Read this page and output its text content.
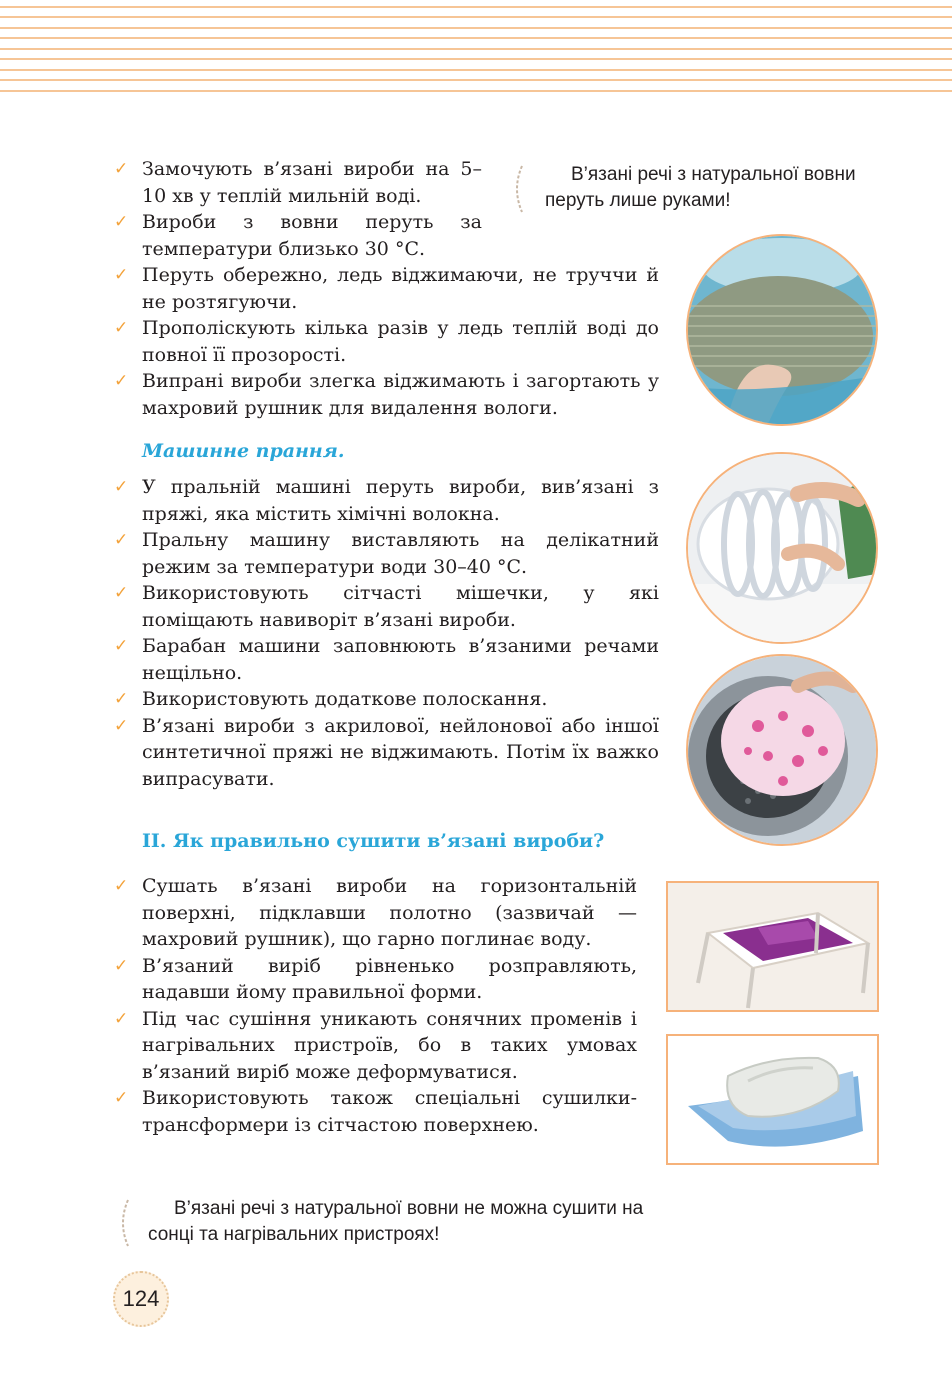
✓ Замочують в’язані вироби на 5–10 хв у теплій мильній воді.
✓ Вироби з вовни перуть за температури близько 30 °С.
✓ Перуть обережно, ледь віджимаючи, не труччи й не розтягуючи.
✓ Прополіскують кілька разів у ледь теплій воді до повної її прозорості.
✓ Випрані вироби злегка віджимають і загортають у махровий рушник для видалення вологи.
В’язані речі з натуральної вовни перуть лише руками!
Машинне прання.
✓ У пральній машині перуть вироби, вив’язані з пряжі, яка містить хімічні волокна.
✓ Пральну машину виставляють на делікатний режим за температури води 30–40 °С.
✓ Використовують сітчасті мішечки, у які поміщають навиворіт в’язані вироби.
✓ Барабан машини заповнюють в’язаними речами нещільно.
✓ Використовують додаткове полоскання.
✓ В’язані вироби з акрилової, нейлонової або іншої синтетичної пряжі не віджимають. Потім їх важко випрасувати.
ІІ. Як правильно сушити в’язані вироби?
✓ Сушать в’язані вироби на горизонтальній поверхні, підклавши полотно (зазвичай — махровий рушник), що гарно поглинає воду.
✓ В’язаний виріб рівненько розправляють, надавши йому правильної форми.
✓ Під час сушіння уникають сонячних променів і нагрівальних пристроїв, бо в таких умовах в’язаний виріб може деформуватися.
✓ Використовують також спеціальні сушилки-трансформери із сітчастою поверхнею.
В’язані речі з натуральної вовни не можна сушити на сонці та нагрівальних пристроях!
124
